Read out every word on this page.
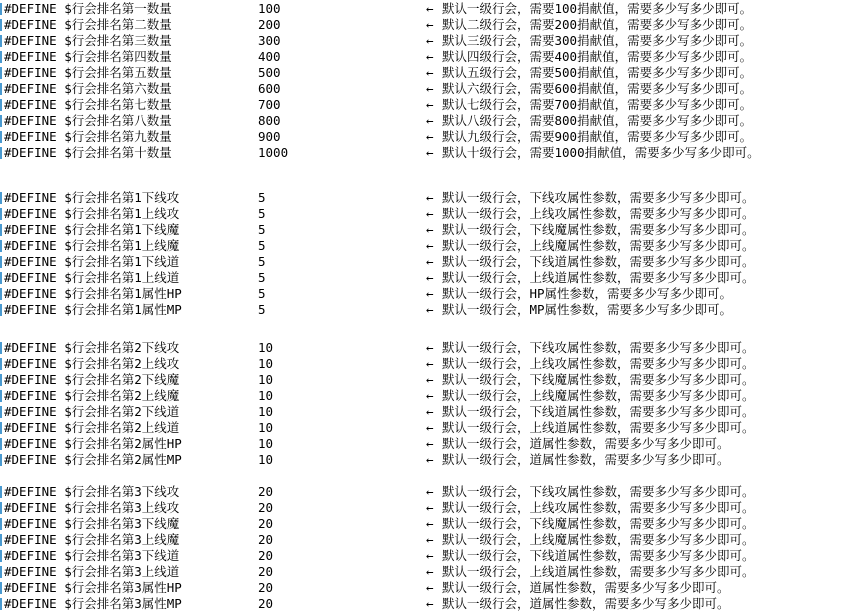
#DEFINE $行会排名第一数量	100	← 默认一级行会，需要100捐献值，需要多少写多少即可。
#DEFINE $行会排名第二数量	200	← 默认二级行会，需要200捐献值，需要多少写多少即可。
#DEFINE $行会排名第三数量	300	← 默认三级行会，需要300捐献值，需要多少写多少即可。
#DEFINE $行会排名第四数量	400	← 默认四级行会，需要400捐献值，需要多少写多少即可。
#DEFINE $行会排名第五数量	500	← 默认五级行会，需要500捐献值，需要多少写多少即可。
#DEFINE $行会排名第六数量	600	← 默认六级行会，需要600捐献值，需要多少写多少即可。
#DEFINE $行会排名第七数量	700	← 默认七级行会，需要700捐献值，需要多少写多少即可。
#DEFINE $行会排名第八数量	800	← 默认八级行会，需要800捐献值，需要多少写多少即可。
#DEFINE $行会排名第九数量	900	← 默认九级行会，需要900捐献值，需要多少写多少即可。
#DEFINE $行会排名第十数量	1000	← 默认十级行会，需要1000捐献值，需要多少写多少即可。
#DEFINE $行会排名第1下线攻	5	← 默认一级行会，下线攻属性参数，需要多少写多少即可。
#DEFINE $行会排名第1上线攻	5	← 默认一级行会，上线攻属性参数，需要多少写多少即可。
#DEFINE $行会排名第1下线魔	5	← 默认一级行会，下线魔属性参数，需要多少写多少即可。
#DEFINE $行会排名第1上线魔	5	← 默认一级行会，上线魔属性参数，需要多少写多少即可。
#DEFINE $行会排名第1下线道	5	← 默认一级行会，下线道属性参数，需要多少写多少即可。
#DEFINE $行会排名第1上线道	5	← 默认一级行会，上线道属性参数，需要多少写多少即可。
#DEFINE $行会排名第1属性HP	5	← 默认一级行会，HP属性参数，需要多少写多少即可。
#DEFINE $行会排名第1属性MP	5	← 默认一级行会，MP属性参数，需要多少写多少即可。
#DEFINE $行会排名第2下线攻	10	← 默认一级行会，下线攻属性参数，需要多少写多少即可。
#DEFINE $行会排名第2上线攻	10	← 默认一级行会，上线攻属性参数，需要多少写多少即可。
#DEFINE $行会排名第2下线魔	10	← 默认一级行会，下线魔属性参数，需要多少写多少即可。
#DEFINE $行会排名第2上线魔	10	← 默认一级行会，上线魔属性参数，需要多少写多少即可。
#DEFINE $行会排名第2下线道	10	← 默认一级行会，下线道属性参数，需要多少写多少即可。
#DEFINE $行会排名第2上线道	10	← 默认一级行会，上线道属性参数，需要多少写多少即可。
#DEFINE $行会排名第2属性HP	10	← 默认一级行会，道属性参数，需要多少写多少即可。
#DEFINE $行会排名第2属性MP	10	← 默认一级行会，道属性参数，需要多少写多少即可。
#DEFINE $行会排名第3下线攻	20	← 默认一级行会，下线攻属性参数，需要多少写多少即可。
#DEFINE $行会排名第3上线攻	20	← 默认一级行会，上线攻属性参数，需要多少写多少即可。
#DEFINE $行会排名第3下线魔	20	← 默认一级行会，下线魔属性参数，需要多少写多少即可。
#DEFINE $行会排名第3上线魔	20	← 默认一级行会，上线魔属性参数，需要多少写多少即可。
#DEFINE $行会排名第3下线道	20	← 默认一级行会，下线道属性参数，需要多少写多少即可。
#DEFINE $行会排名第3上线道	20	← 默认一级行会，上线道属性参数，需要多少写多少即可。
#DEFINE $行会排名第3属性HP	20	← 默认一级行会，道属性参数，需要多少写多少即可。
#DEFINE $行会排名第3属性MP	20	← 默认一级行会，道属性参数，需要多少写多少即可。
